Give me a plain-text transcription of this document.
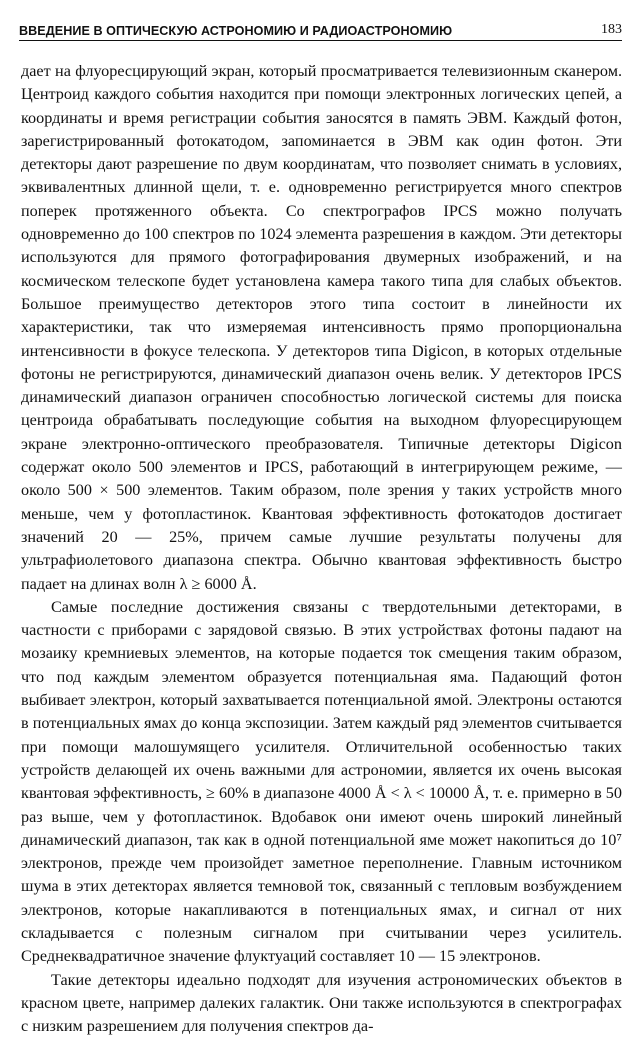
ВВЕДЕНИЕ В ОПТИЧЕСКУЮ АСТРОНОМИЮ И РАДИОАСТРОНОМИЮ	183

дает на флуоресцирующий экран, который просматривается телевизионным сканером. Центроид каждого события находится при помощи электронных логических цепей, а координаты и время регистрации события заносятся в память ЭВМ. Каждый фотон, зарегистрированный фотокатодом, запоминается в ЭВМ как один фотон. Эти детекторы дают разрешение по двум координатам, что позволяет снимать в условиях, эквивалентных длинной щели, т. е. одновременно регистрируется много спектров поперек протяженного объекта. Со спектрографов IPCS можно получать одновременно до 100 спектров по 1024 элемента разрешения в каждом. Эти детекторы используются для прямого фотографирования двумерных изображений, и на космическом телескопе будет установлена камера такого типа для слабых объектов. Большое преимущество детекторов этого типа состоит в линейности их характеристики, так что измеряемая интенсивность прямо пропорциональна интенсивности в фокусе телескопа. У детекторов типа Digicon, в которых отдельные фотоны не регистрируются, динамический диапазон очень велик. У детекторов IPCS динамический диапазон ограничен способностью логической системы для поиска центроида обрабатывать последующие события на выходном флуоресцирующем экране электронно-оптического преобразователя. Типичные детекторы Digicon содержат около 500 элементов и IPCS, работающий в интегрирующем режиме, — около 500 × 500 элементов. Таким образом, поле зрения у таких устройств много меньше, чем у фотопластинок. Квантовая эффективность фотокатодов достигает значений 20 — 25%, причем самые лучшие результаты получены для ультрафиолетового диапазона спектра. Обычно квантовая эффективность быстро падает на длинах волн λ ≥ 6000 Å.

Самые последние достижения связаны с твердотельными детекторами, в частности с приборами с зарядовой связью. В этих устройствах фотоны падают на мозаику кремниевых элементов, на которые подается ток смещения таким образом, что под каждым элементом образуется потенциальная яма. Падающий фотон выбивает электрон, который захватывается потенциальной ямой. Электроны остаются в потенциальных ямах до конца экспозиции. Затем каждый ряд элементов считывается при помощи малошумящего усилителя. Отличительной особенностью таких устройств делающей их очень важными для астрономии, является их очень высокая квантовая эффективность, ≥ 60% в диапазоне 4000 Å < λ < 10000 Å, т. е. примерно в 50 раз выше, чем у фотопластинок. Вдобавок они имеют очень широкий линейный динамический диапазон, так как в одной потенциальной яме может накопиться до 10⁷ электронов, прежде чем произойдет заметное переполнение. Главным источником шума в этих детекторах является темновой ток, связанный с тепловым возбуждением электронов, которые накапливаются в потенциальных ямах, и сигнал от них складывается с полезным сигналом при считывании через усилитель. Среднеквадратичное значение флуктуаций составляет 10 — 15 электронов.

Такие детекторы идеально подходят для изучения астрономических объектов в красном цвете, например далеких галактик. Они также используются в спектрографах с низким разрешением для получения спектров да-
